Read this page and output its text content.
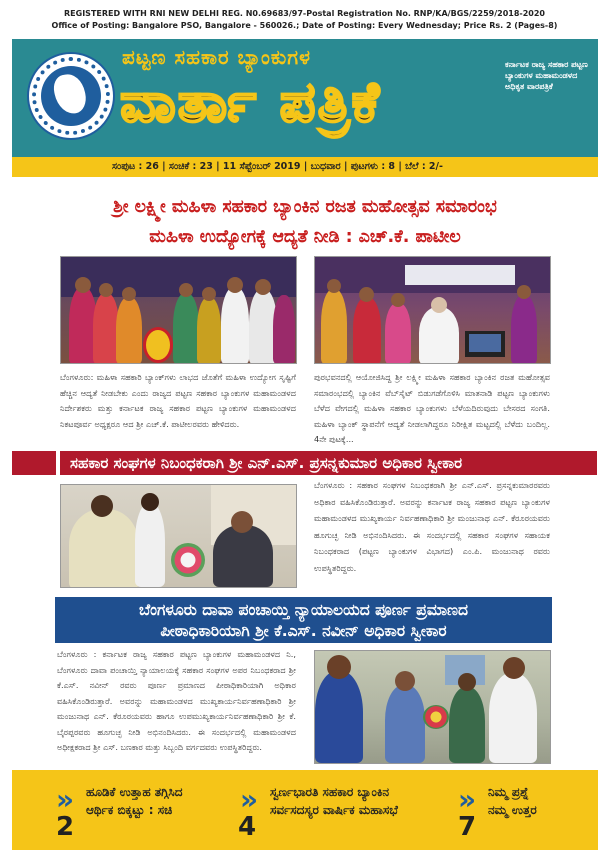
REGISTERED WITH RNI NEW DELHI REG. N0.69683/97-Postal Registration No. RNP/KA/BGS/2259/2018-2020
Office of Posting: Bangalore PSO, Bangalore - 560026.; Date of Posting: Every Wednesday; Price Rs. 2 (Pages-8)
ಪಟ್ಟಣ ಸಹಕಾರ ಬ್ಯಾಂಕುಗಳ
ವಾರ್ತಾ ಪತ್ರಿಕೆ
ಕರ್ನಾಟಕ ರಾಜ್ಯ ಸಹಕಾರ ಪಟ್ಟಣ ಬ್ಯಾಂಕುಗಳ ಮಹಾಮಂಡಳದ ಅಧಿಕೃತ ವಾರಪತ್ರಿಕೆ
ಸಂಪುಟ : 26 | ಸಂಚಿಕೆ : 23 | 11 ಸೆಪ್ಟೆಂಬರ್ 2019 | ಬುಧವಾರ | ಪುಟಗಳು : 8 | ಬೆಲೆ : 2/-
ಶ್ರೀ ಲಕ್ಷ್ಮೀ ಮಹಿಳಾ ಸಹಕಾರ ಬ್ಯಾಂಕಿನ ರಜತ ಮಹೋತ್ಸವ ಸಮಾರಂಭ
ಮಹಿಳಾ ಉದ್ಯೋಗಕ್ಕೆ ಆದ್ಯತೆ ನೀಡಿ : ಎಚ್.ಕೆ. ಪಾಟೀಲ
ಬೆಂಗಳೂರು: ಮಹಿಳಾ ಸಹಕಾರಿ ಬ್ಯಾಂಕ್‌ಗಳು ಲಾಭದ ಜೊತೆಗೆ ಮಹಿಳಾ ಉದ್ಯೋಗ ಸೃಷ್ಟಿಗೆ ಹೆಚ್ಚಿನ ಆದ್ಯತೆ ನೀಡಬೇಕು ಎಂದು ರಾಜ್ಯದ ಪಟ್ಟಣ ಸಹಕಾರ ಬ್ಯಾಂಕುಗಳ ಮಹಾಮಂಡಳದ ನಿರ್ದೇಶಕರು ಮತ್ತು ಕರ್ನಾಟಕ ರಾಜ್ಯ ಸಹಕಾರ ಪಟ್ಟಣ ಬ್ಯಾಂಕುಗಳ ಮಹಾಮಂಡಳದ ನಿಕಟಪೂರ್ವ ಅಧ್ಯಕ್ಷರೂ ಆದ ಶ್ರೀ ಎಚ್.ಕೆ. ಪಾಟೀಲರವರು ಹೇಳಿದರು.
ಪುರಭವನದಲ್ಲಿ ಆಯೋಜಿಸಿದ್ದ ಶ್ರೀ ಲಕ್ಷ್ಮೀ ಮಹಿಳಾ ಸಹಕಾರ ಬ್ಯಾಂಕಿನ ರಜತ ಮಹೋತ್ಸವ ಸಮಾರಂಭದಲ್ಲಿ ಬ್ಯಾಂಕಿನ ವೆಬ್‌ಸೈಟ್ ಬಿಡುಗಡೆಗೊಳಿಸಿ ಮಾತನಾಡಿ ಪಟ್ಟಣ ಬ್ಯಾಂಕುಗಳು ಬೆಳೆದ ವೇಗದಲ್ಲಿ ಮಹಿಳಾ ಸಹಕಾರ ಬ್ಯಾಂಕುಗಳು ಬೆಳೆಯದಿರುವುದು ಬೇಸರದ ಸಂಗತಿ. ಮಹಿಳಾ ಬ್ಯಾಂಕ್ ಸ್ಥಾಪನೆಗೆ ಆದ್ಯತೆ ನೀಡಲಾಗಿದ್ದರೂ ನಿರೀಕ್ಷಿತ ಮಟ್ಟದಲ್ಲಿ ಬೆಳೆದು ಬಂದಿಲ್ಲ. 4ನೇ ಪುಟಕ್ಕೆ...
ಸಹಕಾರ ಸಂಘಗಳ ನಿಬಂಧಕರಾಗಿ ಶ್ರೀ ಎನ್.ಎಸ್. ಪ್ರಸನ್ನಕುಮಾರ ಅಧಿಕಾರ ಸ್ವೀಕಾರ
ಬೆಂಗಳೂರು : ಸಹಕಾರ ಸಂಘಗಳ ನಿಬಂಧಕರಾಗಿ ಶ್ರೀ ಎನ್.ಎಸ್. ಪ್ರಸನ್ನಕುಮಾರರವರು ಅಧಿಕಾರ ವಹಿಸಿಕೊಂಡಿರುತ್ತಾರೆ. ಅವರನ್ನು ಕರ್ನಾಟಕ ರಾಜ್ಯ ಸಹಕಾರ ಪಟ್ಟಣ ಬ್ಯಾಂಕುಗಳ ಮಹಾಮಂಡಳದ ಮುಖ್ಯಕಾರ್ಯ ನಿರ್ವಹಣಾಧಿಕಾರಿ ಶ್ರೀ ಮಂಜುನಾಥ ಎನ್. ಕೆರೂರಯವರು ಹೂಗುಚ್ಛ ನೀಡಿ ಅಭಿನಂದಿಸಿದರು. ಈ ಸಂದರ್ಭದಲ್ಲಿ ಸಹಕಾರ ಸಂಘಗಳ ಸಹಾಯಕ ನಿಬಂಧಕರಾದ (ಪಟ್ಟಣ ಬ್ಯಾಂಕುಗಳ ವಿಭಾಗದ) ಎಂ.ಪಿ. ಮಂಜುನಾಥ ರವರು ಉಪಸ್ಥಿತರಿದ್ದರು.
ಬೆಂಗಳೂರು ದಾವಾ ಪಂಚಾಯ್ತಿ ನ್ಯಾಯಾಲಯದ ಪೂರ್ಣ ಪ್ರಮಾಣದ
ಪೀಠಾಧಿಕಾರಿಯಾಗಿ ಶ್ರೀ ಕೆ.ಎಸ್. ನವೀನ್ ಅಧಿಕಾರ ಸ್ವೀಕಾರ
ಬೆಂಗಳೂರು : ಕರ್ನಾಟಕ ರಾಜ್ಯ ಸಹಕಾರ ಪಟ್ಟಣ ಬ್ಯಾಂಕುಗಳ ಮಹಾಮಂಡಳದ ನಿ., ಬೆಂಗಳೂರು ದಾವಾ ಪಂಚಾಯ್ತಿ ನ್ಯಾಯಾಲಯಕ್ಕೆ ಸಹಕಾರ ಸಂಘಗಳ ಅಪರ ನಿಬಂಧಕರಾದ ಶ್ರೀ ಕೆ.ಎಸ್. ನವೀನ್ ರವರು ಪೂರ್ಣ ಪ್ರಮಾಣದ ಪೀಠಾಧಿಕಾರಿಯಾಗಿ ಅಧಿಕಾರ ವಹಿಸಿಕೊಂಡಿರುತ್ತಾರೆ. ಅವರನ್ನು ಮಹಾಮಂಡಳದ ಮುಖ್ಯಕಾರ್ಯನಿರ್ವಹಣಾಧಿಕಾರಿ ಶ್ರೀ ಮಂಜುನಾಥ ಎನ್. ಕೆರೂರಯವರು ಹಾಗೂ ಉಪಮುಖ್ಯಕಾರ್ಯನಿರ್ವಹಣಾಧಿಕಾರಿ ಶ್ರೀ ಕೆ. ಬೈರಪ್ಪರವರು ಹೂಗುಚ್ಛ ನೀಡಿ ಅಭಿನಂದಿಸಿದರು. ಈ ಸಂದರ್ಭದಲ್ಲಿ ಮಹಾಮಂಡಳದ ಅಧೀಕ್ಷಕರಾದ ಶ್ರೀ ಎಸ್. ಬಣಕಾರ ಮತ್ತು ಸಿಬ್ಬಂದಿ ವರ್ಗದವರು ಉಪಸ್ಥಿತರಿದ್ದರು.
» ಹೂಡಿಕೆ ಉತ್ತಾಹ ತಗ್ಗಿಸಿದ
ಆರ್ಥಿಕ ಬಿಕ್ಕಟ್ಟು : ಸಚಿ
2
» ಸ್ವರ್ಣಭಾರತಿ ಸಹಕಾರ ಬ್ಯಾಂಕಿನ
ಸರ್ವಸದಸ್ಯರ ವಾರ್ಷಿಕ ಮಹಾಸಭೆ
4
» ನಿಮ್ಮ ಪ್ರಶ್ನೆ
ನಮ್ಮ ಉತ್ತರ
7
